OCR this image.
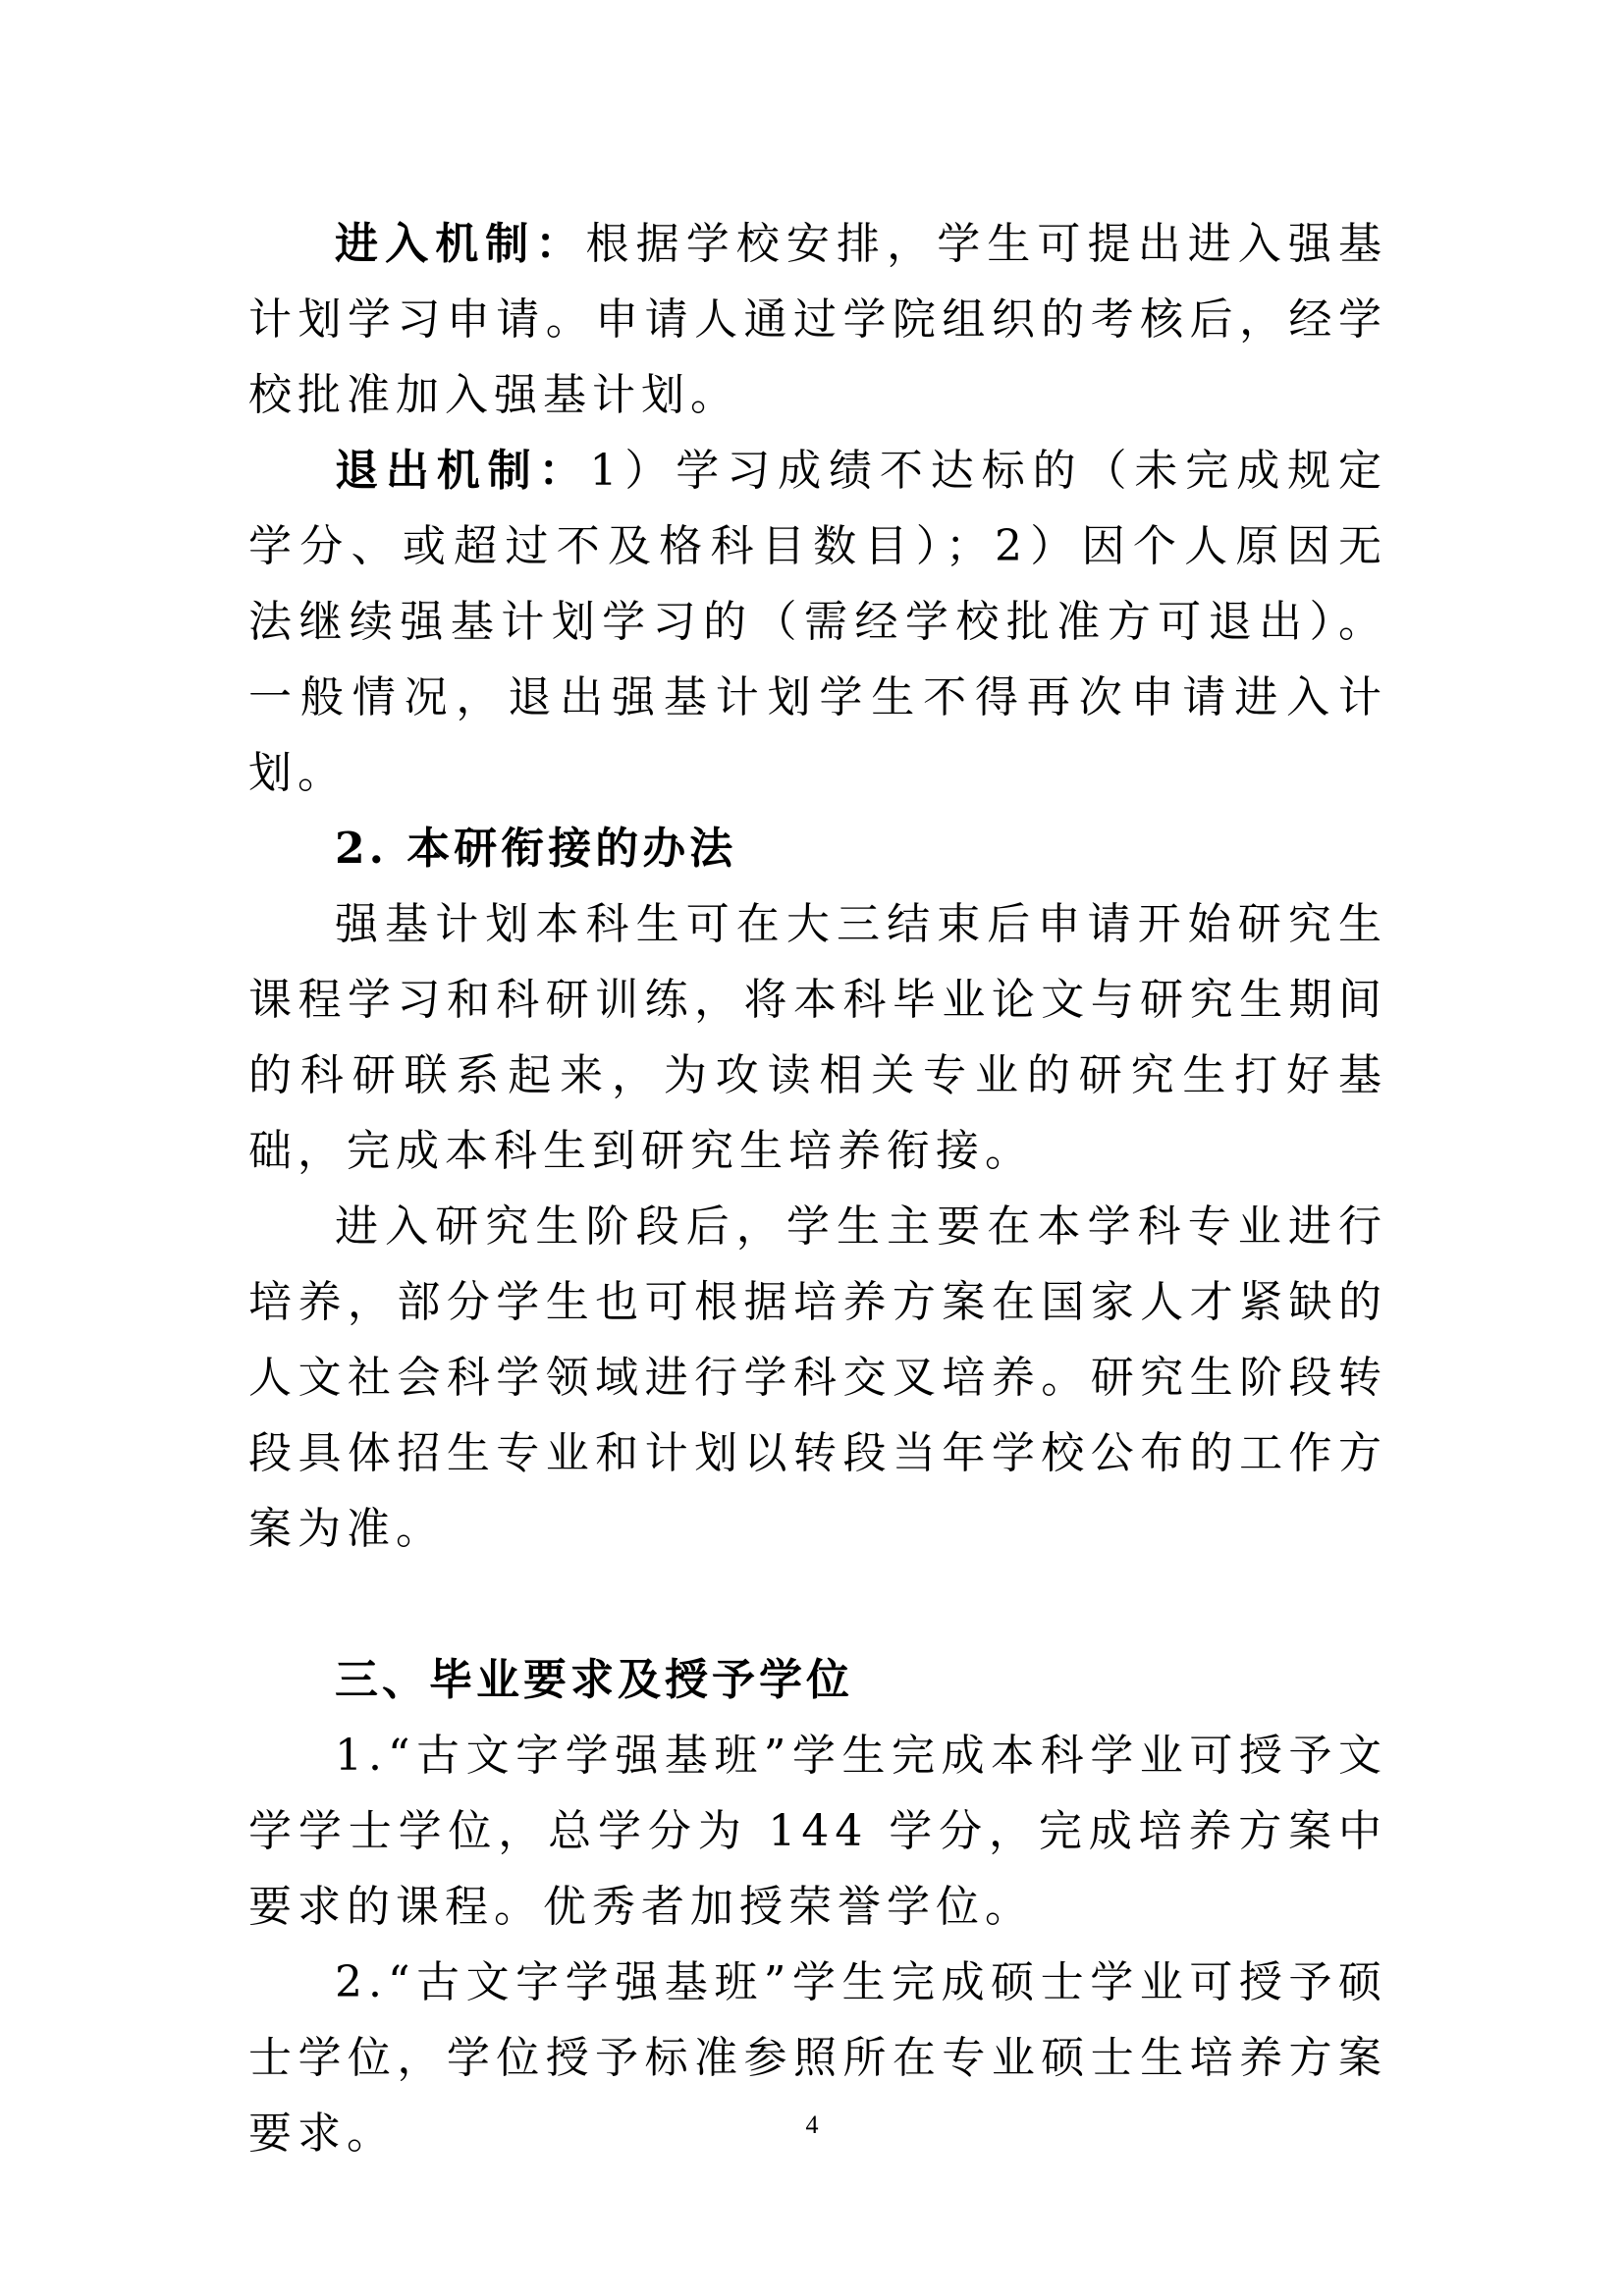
进入机制：根据学校安排，学生可提出进入强基计划学习申请。申请人通过学院组织的考核后，经学校批准加入强基计划。

退出机制：1）学习成绩不达标的（未完成规定学分、或超过不及格科目数目）；2）因个人原因无法继续强基计划学习的（需经学校批准方可退出）。一般情况，退出强基计划学生不得再次申请进入计划。

2. 本研衔接的办法

强基计划本科生可在大三结束后申请开始研究生课程学习和科研训练，将本科毕业论文与研究生期间的科研联系起来，为攻读相关专业的研究生打好基础，完成本科生到研究生培养衔接。

进入研究生阶段后，学生主要在本学科专业进行培养，部分学生也可根据培养方案在国家人才紧缺的人文社会科学领域进行学科交叉培养。研究生阶段转段具体招生专业和计划以转段当年学校公布的工作方案为准。

三、毕业要求及授予学位

1.“古文字学强基班”学生完成本科学业可授予文学学士学位，总学分为 144 学分，完成培养方案中要求的课程。优秀者加授荣誉学位。

2.“古文字学强基班”学生完成硕士学业可授予硕士学位，学位授予标准参照所在专业硕士生培养方案要求。	4
